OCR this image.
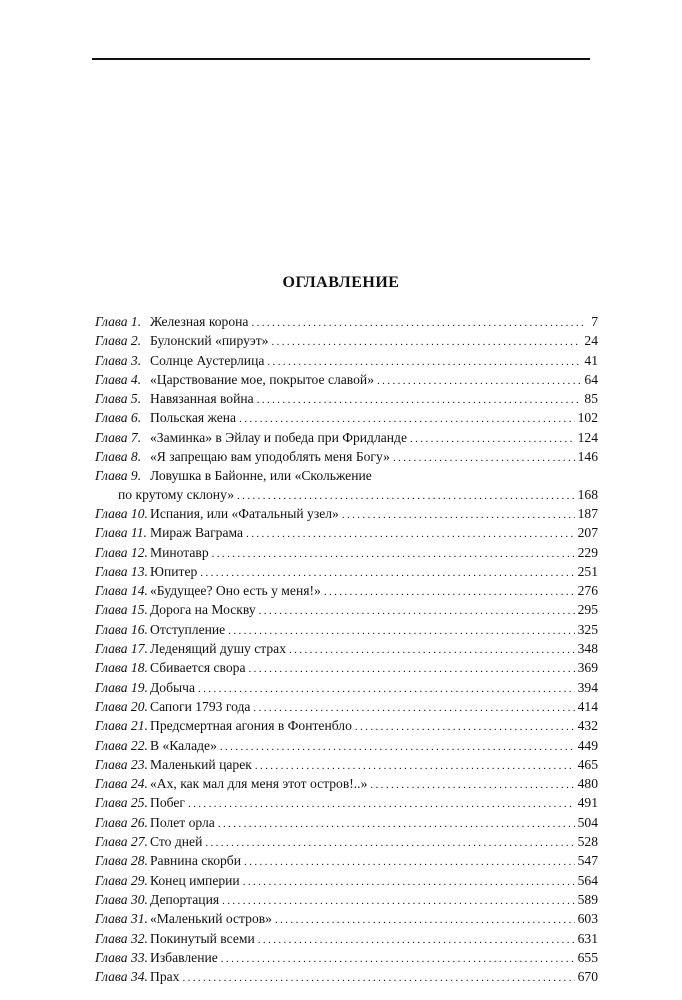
ОГЛАВЛЕНИЕ
Глава 1 . Железная корона .....	7
Глава 2 . Булонский «пируэт» .....	24
Глава 3 . Солнце Аустерлица .....	41
Глава 4 . «Царствование мое, покрытое славой» .....	64
Глава 5 . Навязанная война .....	85
Глава 6 . Польская жена .....	102
Глава 7 . «Заминка» в Эйлау и победа при Фридланде .....	124
Глава 8 . «Я запрещаю вам уподоблять меня Богу» .....	146
Глава 9 . Ловушка в Байонне, или «Скольжение
по крутому склону» .....	168
Глава 10 . Испания, или «Фатальный узел» .....	187
Глава 11 . Мираж Ваграма .....	207
Глава 12 . Минотавр .....	229
Глава 13 . Юпитер .....	251
Глава 14 . «Будущее? Оно есть у меня!» .....	276
Глава 15 . Дорога на Москву .....	295
Глава 16 . Отступление .....	325
Глава 17 . Леденящий душу страх .....	348
Глава 18 . Сбивается свора .....	369
Глава 19 . Добыча .....	394
Глава 20 . Сапоги 1793 года .....	414
Глава 21 . Предсмертная агония в Фонтенбло .....	432
Глава 22 . В «Каладе» .....	449
Глава 23 . Маленький царек .....	465
Глава 24 . «Ах, как мал для меня этот остров!..» .....	480
Глава 25 . Побег .....	491
Глава 26 . Полет орла .....	504
Глава 27 . Сто дней .....	528
Глава 28 . Равнина скорби .....	547
Глава 29 . Конец империи .....	564
Глава 30 . Депортация .....	589
Глава 31 . «Маленький остров» .....	603
Глава 32 . Покинутый всеми .....	631
Глава 33 . Избавление .....	655
Глава 34 . Прах .....	670
